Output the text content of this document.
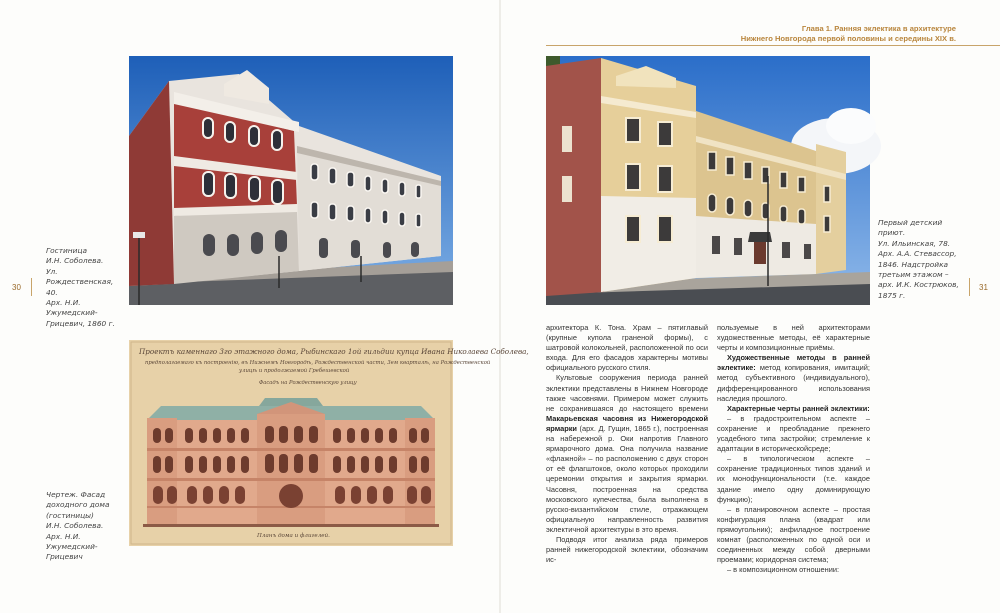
Глава 1. Ранняя эклектика в архитектуре
Нижнего Новгорода первой половины и середины XIX в.
30	31
Гостиница
И.Н. Соболева.
Ул. Рождественская,
40.
Арх. Н.И. Ужумедский-
Грицевич, 1860 г.
Первый детский
приют.
Ул. Ильинская, 78.
Арх. А.А. Стевассор,
1846. Надстройка
третьим этажом –
арх. И.К. Кострюков,
1875 г.
Чертеж. Фасад
доходного дома
(гостиницы)
И.Н. Соболева.
Арх. Н.И. Ужумедский-
Грицевич
Проектъ каменнаго 3го этажного дома, Рыбинскаго 1ой гильдии купца Ивана Николаева Соболева,
предполагаемаго къ построенiю, въ Нижнемъ Новгородѣ, Рождественской части, 3ем кварталѣ, на Рождественской
улицѣ и продолжаемой Гребешевской
Фасадъ на Рождественскую улицу
Планъ дома и флигелей.

архитектора К. Тона. Храм – пятиглавый (крупные купола граненой формы), с шатровой колокольней, расположенной по оси входа. Для его фасадов характерны мотивы официального русского стиля.

Культовые сооружения периода ранней эклектики представлены в Нижнем Новгороде также часовнями. Примером может служить не сохранившаяся до настоящего времени Макарьевская часовня из Нижегородской ярмарки (арх. Д. Гущин, 1865 г.), построенная на набережной р. Оки напротив Главного ярмарочного дома. Она получила название «флажной» – по расположению с двух сторон от её флагштоков, около которых проходили церемонии открытия и закрытия ярмарки. Часовня, построенная на средства московского купечества, была выполнена в русско-византийском стиле, отражающем официальную направленность развития эклектичной архитектуры в это время.

Подводя итог анализа ряда примеров ранней нижегородской эклектики, обозначим ис-

пользуемые в ней архитекторами художественные методы, её характерные черты и композиционные приёмы.

Художественные методы в ранней эклектике: метод копирования, имитаций; метод субъективного (индивидуального), дифференцированного использования наследия прошлого.

Характерные черты ранней эклектики:

– в градостроительном аспекте – сохранение и преобладание прежнего усадебного типа застройки; стремление к адаптации в историческойсреде;

– в типологическом аспекте – сохранение традиционных типов зданий и их монофункциональности (т.е. каждое здание имело одну доминирующую функцию);

– в планировочном аспекте – простая конфигурация плана (квадрат или прямоугольник); анфиладное построение комнат (расположенных по одной оси и соединенных между собой дверными проемами; коридорная система;

– в композиционном отношении:
